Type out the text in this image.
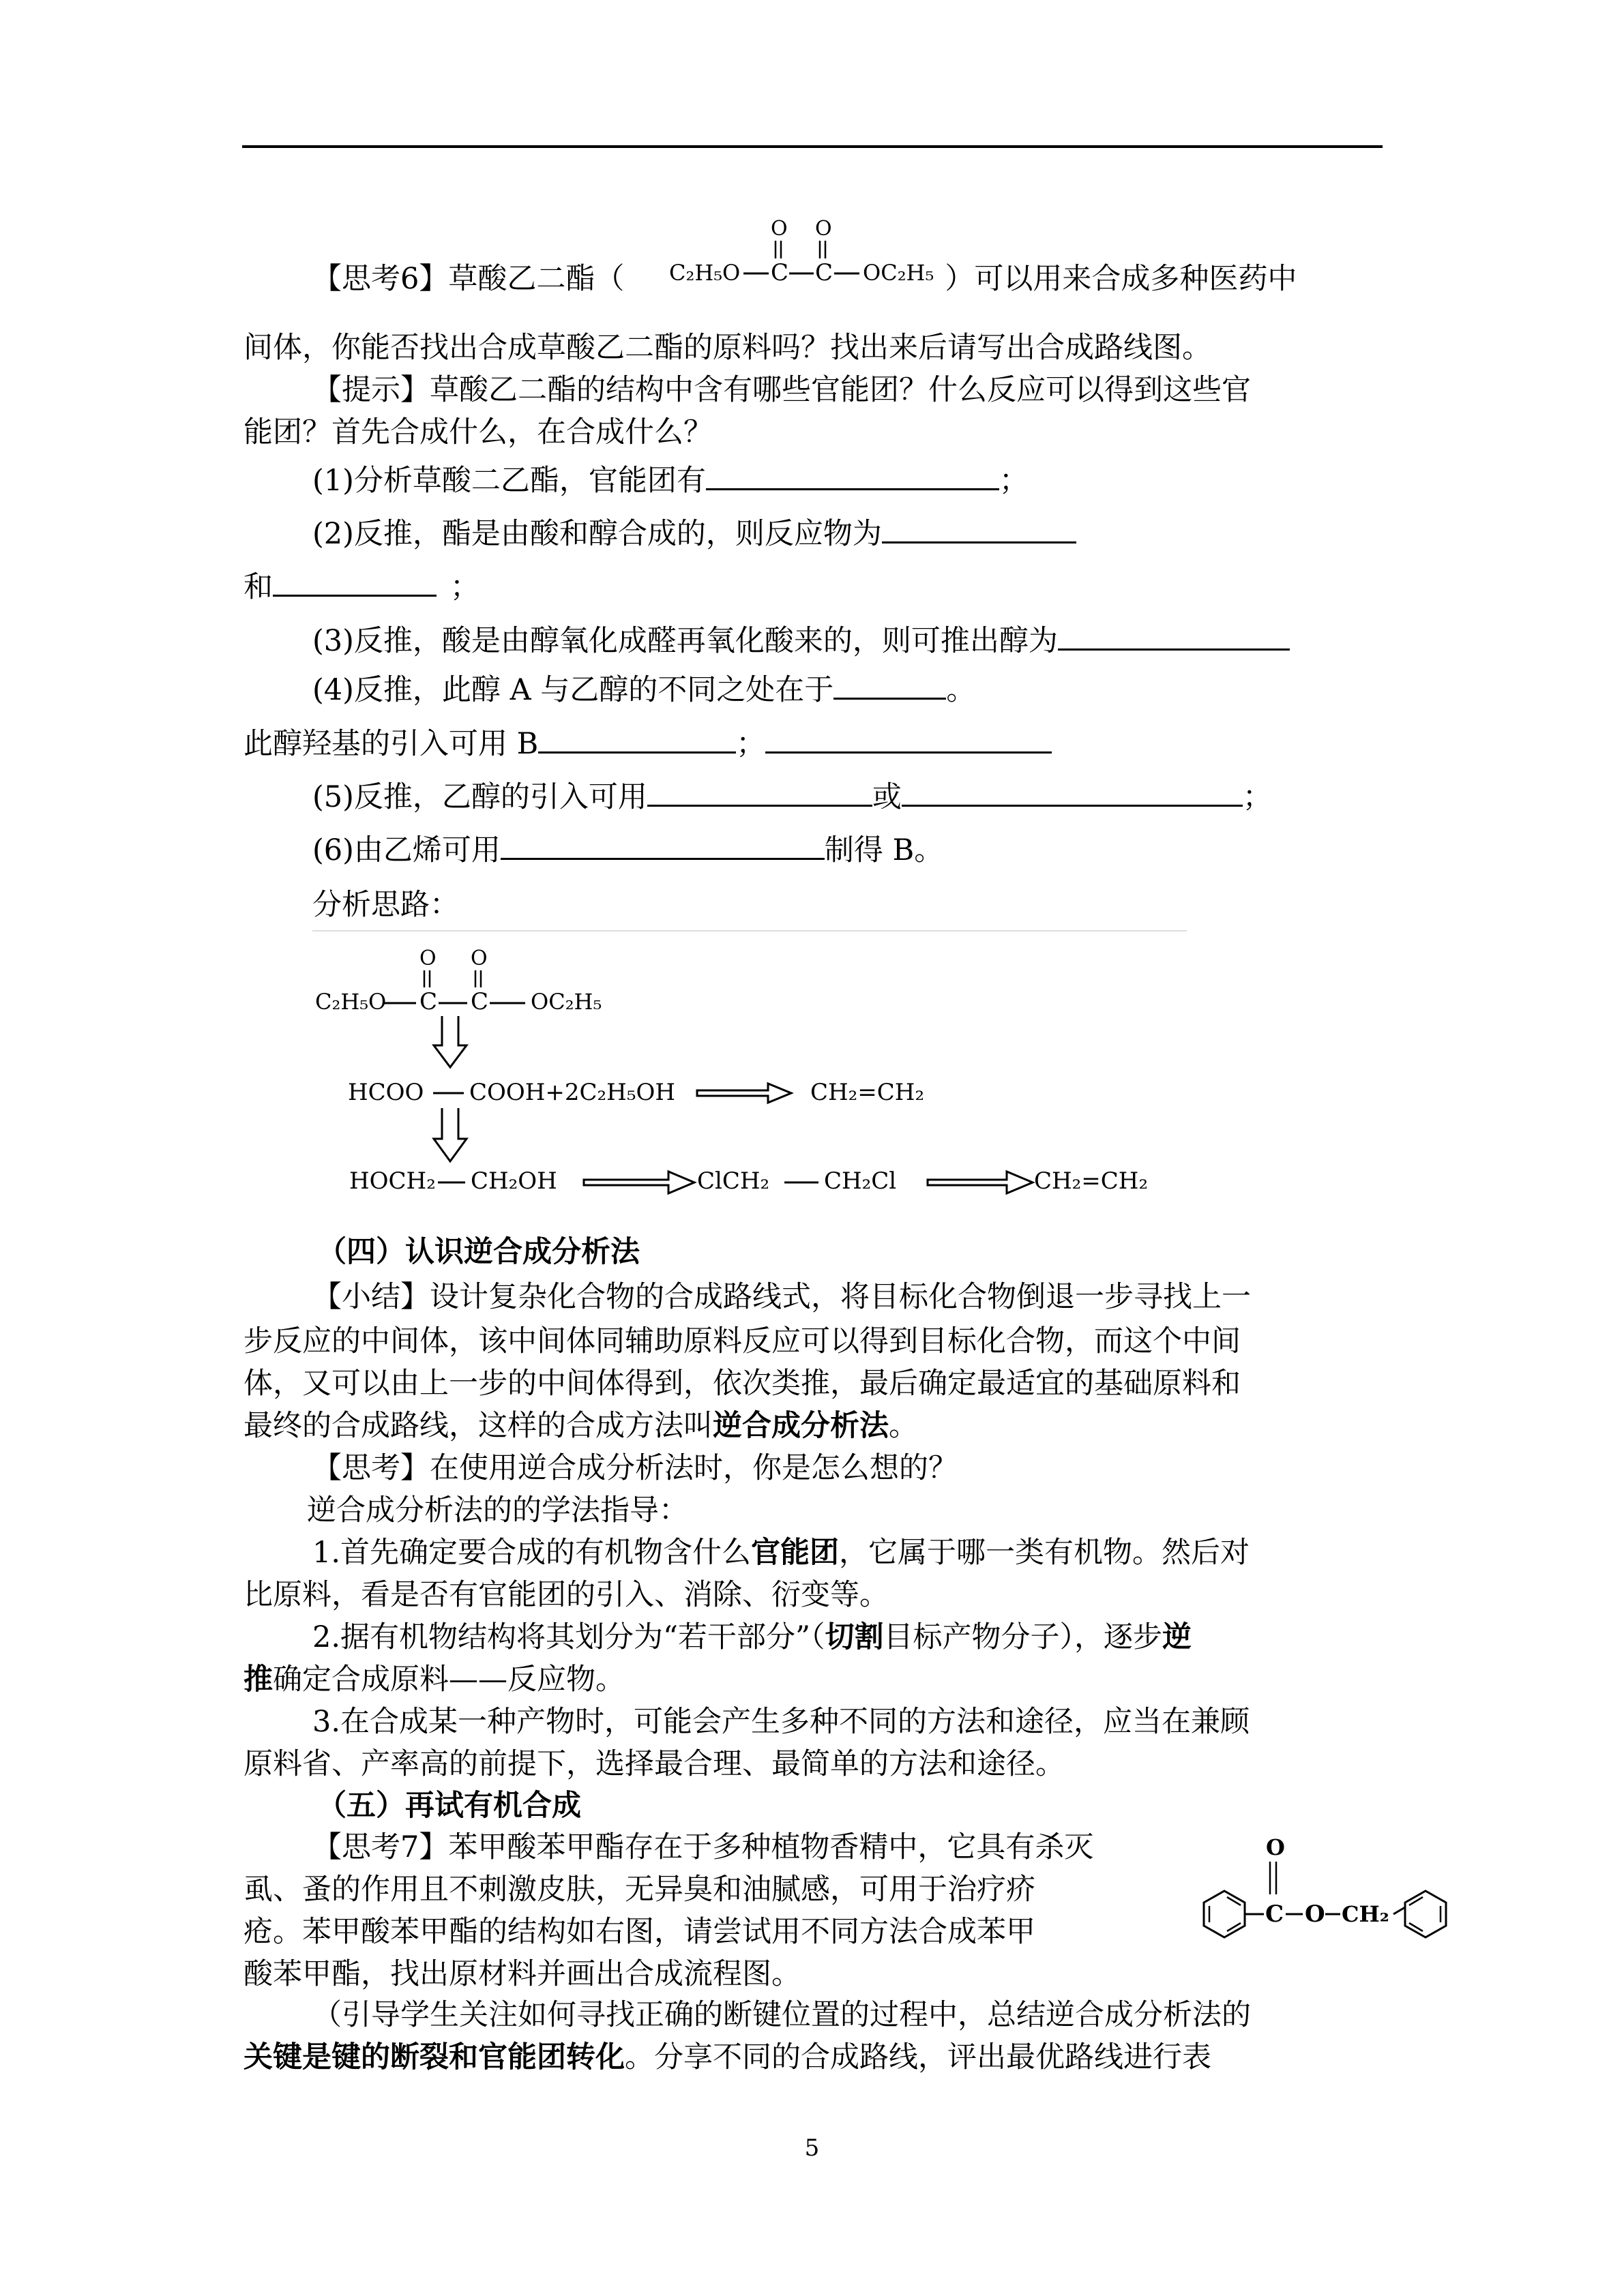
【思考6】草酸乙二酯（	）可以用来合成多种医药中
C₂H₅O C C OC₂H₅
O O
间体，你能否找出合成草酸乙二酯的原料吗？找出来后请写出合成路线图。
【提示】草酸乙二酯的结构中含有哪些官能团？什么反应可以得到这些官
能团？首先合成什么，在合成什么？
(1)分析草酸二乙酯，官能团有	；
(2)反推，酯是由酸和醇合成的，则反应物为
和	；
(3)反推，酸是由醇氧化成醛再氧化酸来的，则可推出醇为
(4)反推，此醇 A 与乙醇的不同之处在于	。
此醇羟基的引入可用 B	；
(5)反推，乙醇的引入可用	或	；
(6)由乙烯可用	制得 B。
分析思路：
C₂H₅O C C OC₂H₅
O O
HCOO COOH+2C₂H₅OH	CH₂=CH₂
HOCH₂ CH₂OH	ClCH₂ CH₂Cl	CH₂=CH₂
（四）认识逆合成分析法
【小结】设计复杂化合物的合成路线式，将目标化合物倒退一步寻找上一
步反应的中间体，该中间体同辅助原料反应可以得到目标化合物，而这个中间
体，又可以由上一步的中间体得到，依次类推，最后确定最适宜的基础原料和
最终的合成路线，这样的合成方法叫逆合成分析法。
【思考】在使用逆合成分析法时，你是怎么想的？
逆合成分析法的的学法指导：
1.首先确定要合成的有机物含什么官能团，它属于哪一类有机物。然后对
比原料，看是否有官能团的引入、消除、衍变等。
2.据有机物结构将其划分为“若干部分”（切割目标产物分子），逐步逆
推确定合成原料——反应物。
3.在合成某一种产物时，可能会产生多种不同的方法和途径，应当在兼顾
原料省、产率高的前提下，选择最合理、最简单的方法和途径。
（五）再试有机合成
【思考7】苯甲酸苯甲酯存在于多种植物香精中，它具有杀灭
虱、蚤的作用且不刺激皮肤，无异臭和油腻感，可用于治疗疥
疮。苯甲酸苯甲酯的结构如右图，请尝试用不同方法合成苯甲
酸苯甲酯，找出原材料并画出合成流程图。
C
O
O CH₂
（引导学生关注如何寻找正确的断键位置的过程中，总结逆合成分析法的
关键是键的断裂和官能团转化。分享不同的合成路线，评出最优路线进行表
5
